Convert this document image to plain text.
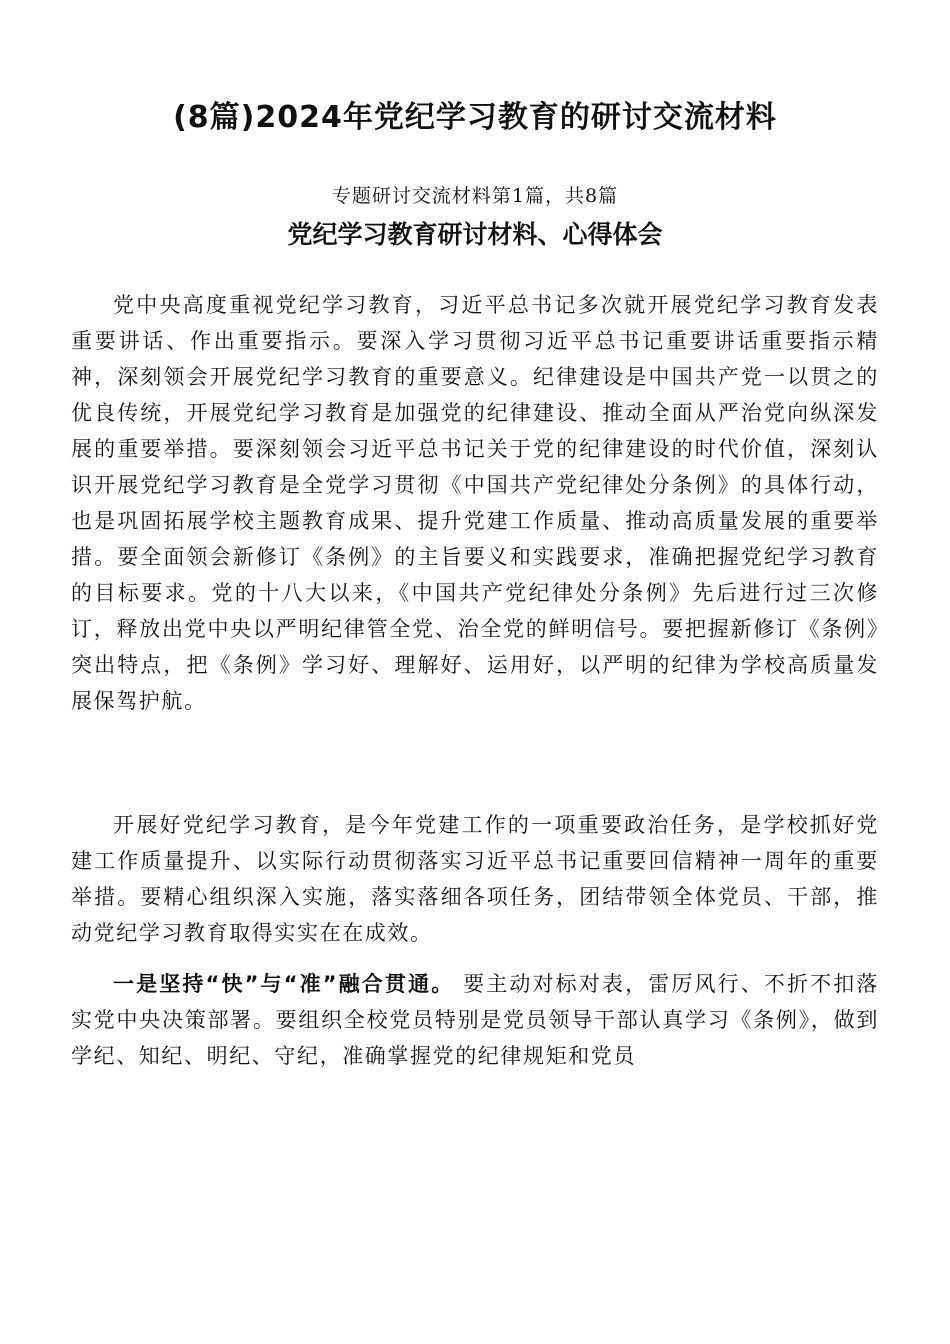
(8篇)2024年党纪学习教育的研讨交流材料

专题研讨交流材料第1篇，共8篇

党纪学习教育研讨材料、心得体会

党中央高度重视党纪学习教育，习近平总书记多次就开展党纪学习教育发表重要讲话、作出重要指示。要深入学习贯彻习近平总书记重要讲话重要指示精神，深刻领会开展党纪学习教育的重要意义。纪律建设是中国共产党一以贯之的优良传统，开展党纪学习教育是加强党的纪律建设、推动全面从严治党向纵深发展的重要举措。要深刻领会习近平总书记关于党的纪律建设的时代价值，深刻认识开展党纪学习教育是全党学习贯彻《中国共产党纪律处分条例》的具体行动，也是巩固拓展学校主题教育成果、提升党建工作质量、推动高质量发展的重要举措。要全面领会新修订《条例》的主旨要义和实践要求，准确把握党纪学习教育的目标要求。党的十八大以来，《中国共产党纪律处分条例》先后进行过三次修订，释放出党中央以严明纪律管全党、治全党的鲜明信号。要把握新修订《条例》突出特点，把《条例》学习好、理解好、运用好，以严明的纪律为学校高质量发展保驾护航。

开展好党纪学习教育，是今年党建工作的一项重要政治任务，是学校抓好党建工作质量提升、以实际行动贯彻落实习近平总书记重要回信精神一周年的重要举措。要精心组织深入实施，落实落细各项任务，团结带领全体党员、干部，推动党纪学习教育取得实实在在成效。

一是坚持“快”与“准”融合贯通。 要主动对标对表，雷厉风行、不折不扣落实党中央决策部署。要组织全校党员特别是党员领导干部认真学习《条例》，做到学纪、知纪、明纪、守纪，准确掌握党的纪律规矩和党员
